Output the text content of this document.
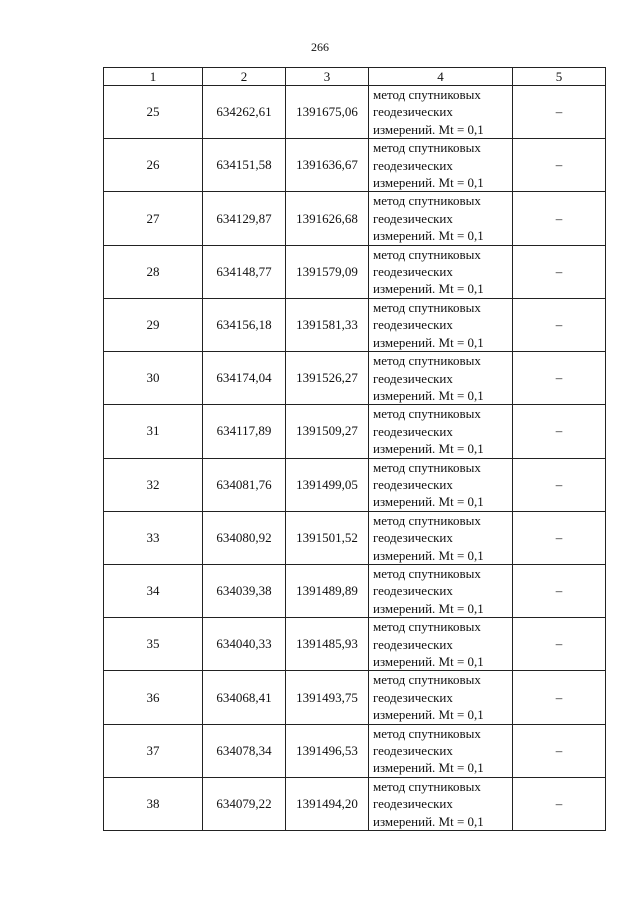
266
1	2	3	4	5
25	634262,61	1391675,06	метод спутниковых
геодезических
измерений. Mt = 0,1	–
26	634151,58	1391636,67	метод спутниковых
геодезических
измерений. Mt = 0,1	–
27	634129,87	1391626,68	метод спутниковых
геодезических
измерений. Mt = 0,1	–
28	634148,77	1391579,09	метод спутниковых
геодезических
измерений. Mt = 0,1	–
29	634156,18	1391581,33	метод спутниковых
геодезических
измерений. Mt = 0,1	–
30	634174,04	1391526,27	метод спутниковых
геодезических
измерений. Mt = 0,1	–
31	634117,89	1391509,27	метод спутниковых
геодезических
измерений. Mt = 0,1	–
32	634081,76	1391499,05	метод спутниковых
геодезических
измерений. Mt = 0,1	–
33	634080,92	1391501,52	метод спутниковых
геодезических
измерений. Mt = 0,1	–
34	634039,38	1391489,89	метод спутниковых
геодезических
измерений. Mt = 0,1	–
35	634040,33	1391485,93	метод спутниковых
геодезических
измерений. Mt = 0,1	–
36	634068,41	1391493,75	метод спутниковых
геодезических
измерений. Mt = 0,1	–
37	634078,34	1391496,53	метод спутниковых
геодезических
измерений. Mt = 0,1	–
38	634079,22	1391494,20	метод спутниковых
геодезических
измерений. Mt = 0,1	–
